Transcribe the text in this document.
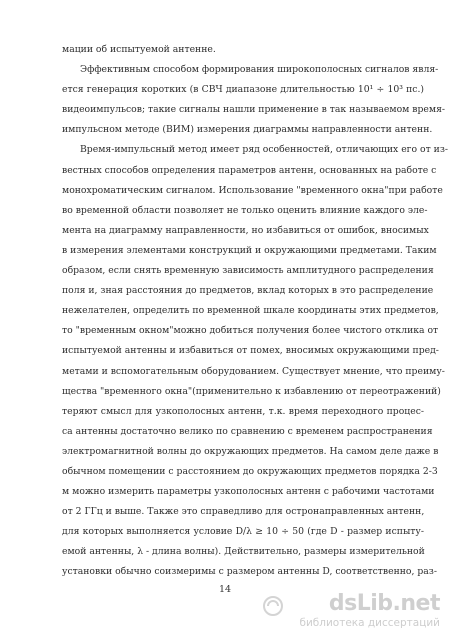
мации об испытуемой антенне.
Эффективным способом формирования широкополосных сигналов явля-
ется генерация коротких (в СВЧ диапазоне длительностью 10¹ ÷ 10³ пс.)
видеоимпульсов; такие сигналы нашли применение в так называемом время-
импульсном методе (ВИМ) измерения диаграммы направленности антенн.
Время-импульсный метод имеет ряд особенностей, отличающих его от из-
вестных способов определения параметров антенн, основанных на работе с
монохроматическим сигналом. Использование "временного окна"при работе
во временной области позволяет не только оценить влияние каждого эле-
мента на диаграмму направленности, но избавиться от ошибок, вносимых
в измерения элементами конструкций и окружающими предметами. Таким
образом, если снять временную зависимость амплитудного распределения
поля и, зная расстояния до предметов, вклад которых в это распределение
нежелателен, определить по временной шкале координаты этих предметов,
то "временным окном"можно добиться получения более чистого отклика от
испытуемой антенны и избавиться от помех, вносимых окружающими пред-
метами и вспомогательным оборудованием. Существует мнение, что преиму-
щества "временного окна"(применительно к избавлению от переотражений)
теряют смысл для узкополосных антенн, т.к. время переходного процес-
са антенны достаточно велико по сравнению с временем распространения
электромагнитной волны до окружающих предметов. На самом деле даже в
обычном помещении с расстоянием до окружающих предметов порядка 2-3
м можно измерить параметры узкополосных антенн с рабочими частотами
от 2 ГГц и выше. Также это справедливо для остронаправленных антенн,
для которых выполняется условие D/λ ≥ 10 ÷ 50 (где D - размер испыту-
емой антенны, λ - длина волны). Действительно, размеры измерительной
установки обычно соизмеримы с размером антенны D, соответственно, раз-
14
dsLib.net
библиотека диссертаций
